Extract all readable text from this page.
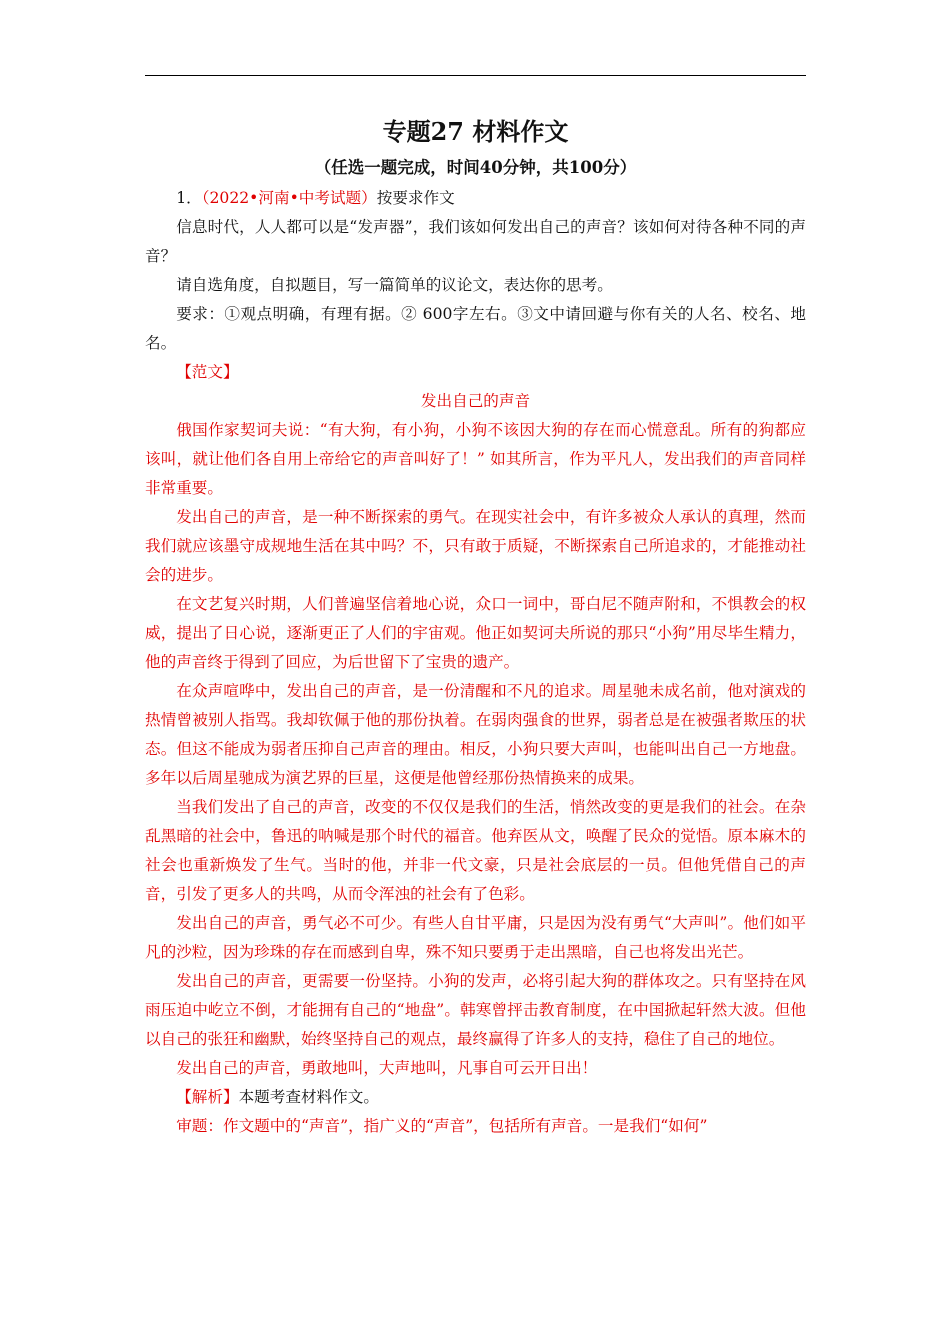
专题27 材料作文
（任选一题完成，时间40分钟，共100分）

1．（2022•河南•中考试题）按要求作文

信息时代，人人都可以是“发声器”，我们该如何发出自己的声音？该如何对待各种不同的声音？

请自选角度，自拟题目，写一篇简单的议论文，表达你的思考。

要求：①观点明确，有理有据。② 600字左右。③文中请回避与你有关的人名、校名、地名。

【范文】

发出自己的声音

俄国作家契诃夫说：“有大狗，有小狗，小狗不该因大狗的存在而心慌意乱。所有的狗都应该叫，就让他们各自用上帝给它的声音叫好了！” 如其所言，作为平凡人，发出我们的声音同样非常重要。

发出自己的声音，是一种不断探索的勇气。在现实社会中，有许多被众人承认的真理，然而我们就应该墨守成规地生活在其中吗？不，只有敢于质疑，不断探索自己所追求的，才能推动社会的进步。

在文艺复兴时期，人们普遍坚信着地心说，众口一词中，哥白尼不随声附和，不惧教会的权威，提出了日心说，逐渐更正了人们的宇宙观。他正如契诃夫所说的那只“小狗”用尽毕生精力，他的声音终于得到了回应，为后世留下了宝贵的遗产。

在众声喧哗中，发出自己的声音，是一份清醒和不凡的追求。周星驰未成名前，他对演戏的热情曾被别人指骂。我却钦佩于他的那份执着。在弱肉强食的世界，弱者总是在被强者欺压的状态。但这不能成为弱者压抑自己声音的理由。相反，小狗只要大声叫，也能叫出自己一方地盘。多年以后周星驰成为演艺界的巨星，这便是他曾经那份热情换来的成果。

当我们发出了自己的声音，改变的不仅仅是我们的生活，悄然改变的更是我们的社会。在杂乱黑暗的社会中，鲁迅的呐喊是那个时代的福音。他弃医从文，唤醒了民众的觉悟。原本麻木的社会也重新焕发了生气。当时的他，并非一代文豪，只是社会底层的一员。但他凭借自己的声音，引发了更多人的共鸣，从而令浑浊的社会有了色彩。

发出自己的声音，勇气必不可少。有些人自甘平庸，只是因为没有勇气“大声叫”。他们如平凡的沙粒，因为珍珠的存在而感到自卑，殊不知只要勇于走出黑暗，自己也将发出光芒。

发出自己的声音，更需要一份坚持。小狗的发声，必将引起大狗的群体攻之。只有坚持在风雨压迫中屹立不倒，才能拥有自己的“地盘”。韩寒曾抨击教育制度，在中国掀起轩然大波。但他以自己的张狂和幽默，始终坚持自己的观点，最终赢得了许多人的支持，稳住了自己的地位。

发出自己的声音，勇敢地叫，大声地叫，凡事自可云开日出！

【解析】本题考查材料作文。

审题：作文题中的“声音”，指广义的“声音”，包括所有声音。一是我们“如何”
